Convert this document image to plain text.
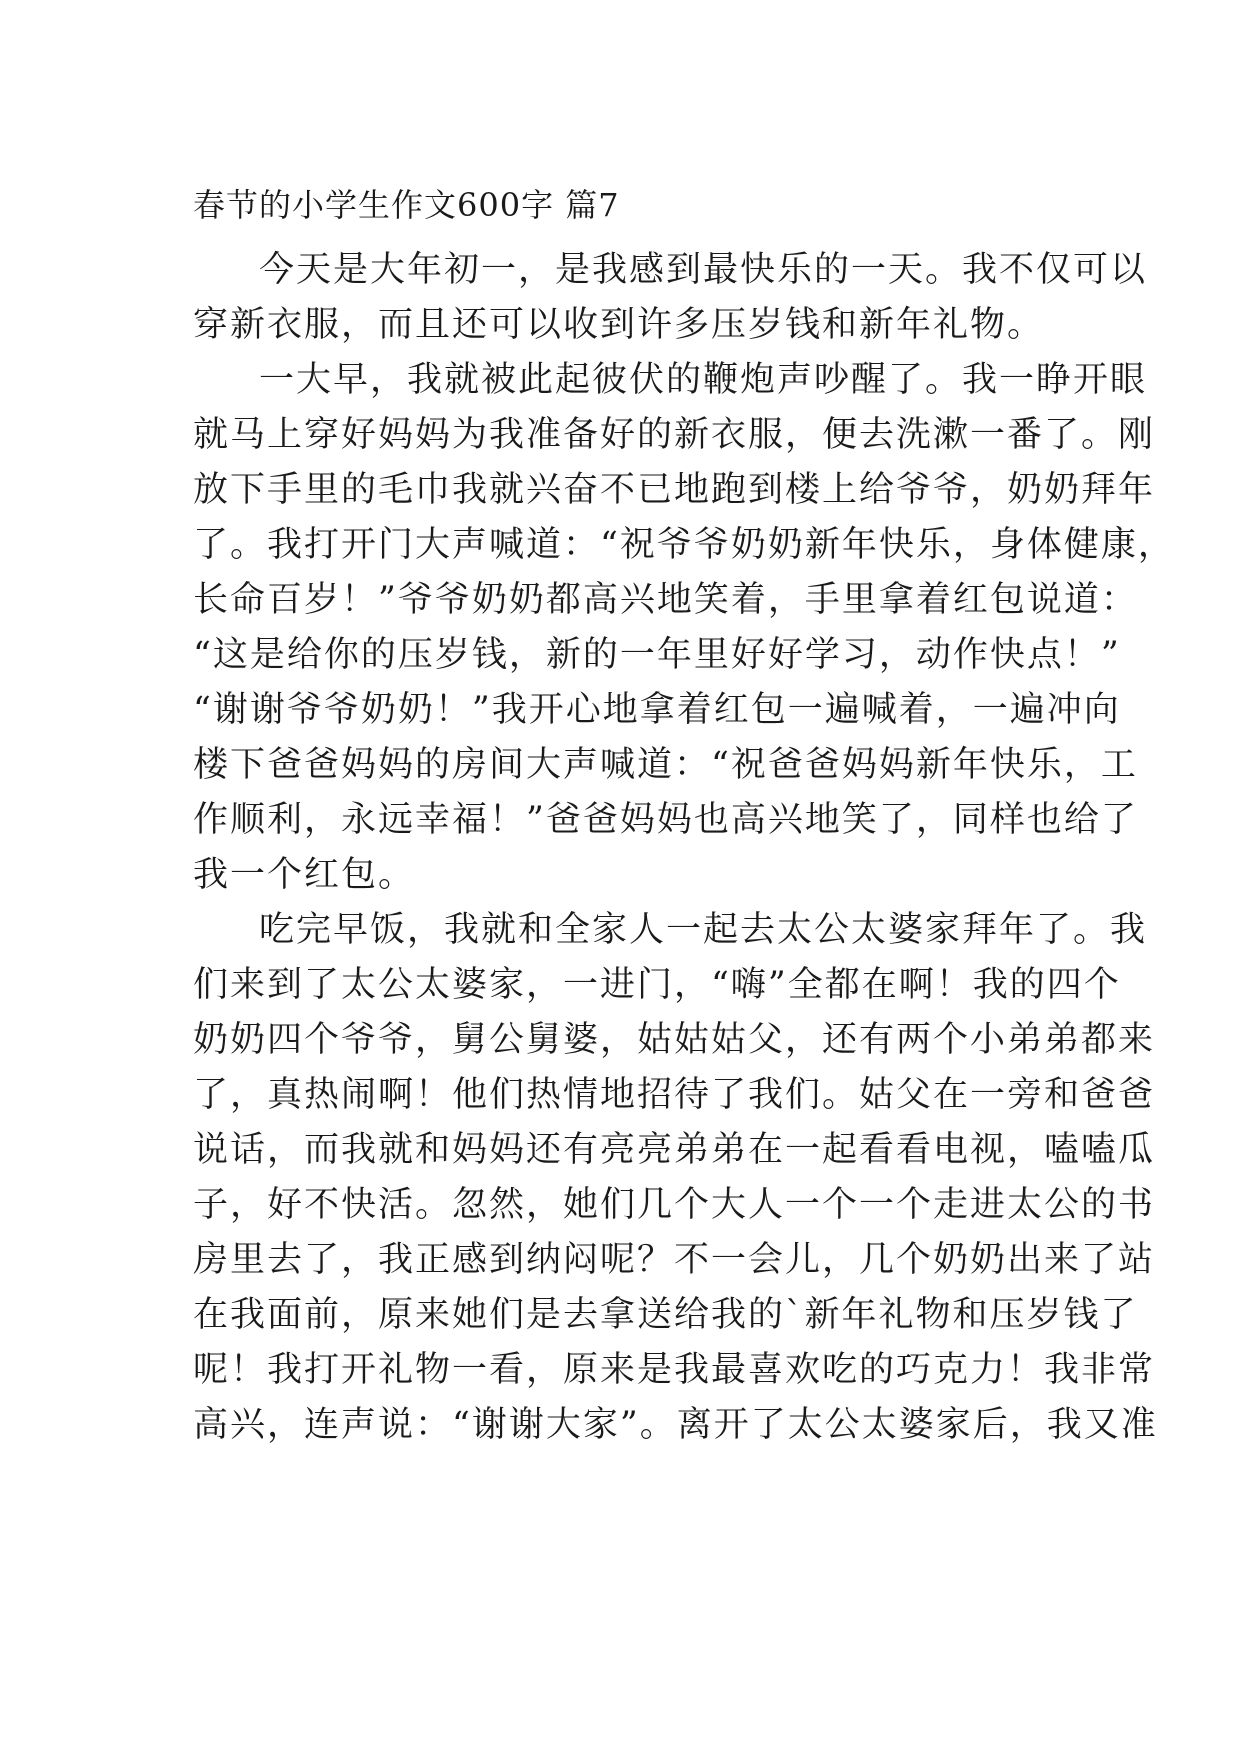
春节的小学生作文600字 篇7
今天是大年初一，是我感到最快乐的一天。我不仅可以
穿新衣服，而且还可以收到许多压岁钱和新年礼物。
一大早，我就被此起彼伏的鞭炮声吵醒了。我一睁开眼
就马上穿好妈妈为我准备好的新衣服，便去洗漱一番了。刚
放下手里的毛巾我就兴奋不已地跑到楼上给爷爷，奶奶拜年
了。我打开门大声喊道：“祝爷爷奶奶新年快乐，身体健康，
长命百岁！”爷爷奶奶都高兴地笑着，手里拿着红包说道：
“这是给你的压岁钱，新的一年里好好学习，动作快点！”
“谢谢爷爷奶奶！”我开心地拿着红包一遍喊着，一遍冲向
楼下爸爸妈妈的房间大声喊道：“祝爸爸妈妈新年快乐，工
作顺利，永远幸福！”爸爸妈妈也高兴地笑了，同样也给了
我一个红包。
吃完早饭，我就和全家人一起去太公太婆家拜年了。我
们来到了太公太婆家，一进门，“嗨”全都在啊！我的四个
奶奶四个爷爷，舅公舅婆，姑姑姑父，还有两个小弟弟都来
了，真热闹啊！他们热情地招待了我们。姑父在一旁和爸爸
说话，而我就和妈妈还有亮亮弟弟在一起看看电视，嗑嗑瓜
子，好不快活。忽然，她们几个大人一个一个走进太公的书
房里去了，我正感到纳闷呢？不一会儿，几个奶奶出来了站
在我面前，原来她们是去拿送给我的`新年礼物和压岁钱了
呢！我打开礼物一看，原来是我最喜欢吃的巧克力！我非常
高兴，连声说：“谢谢大家”。离开了太公太婆家后，我又准
